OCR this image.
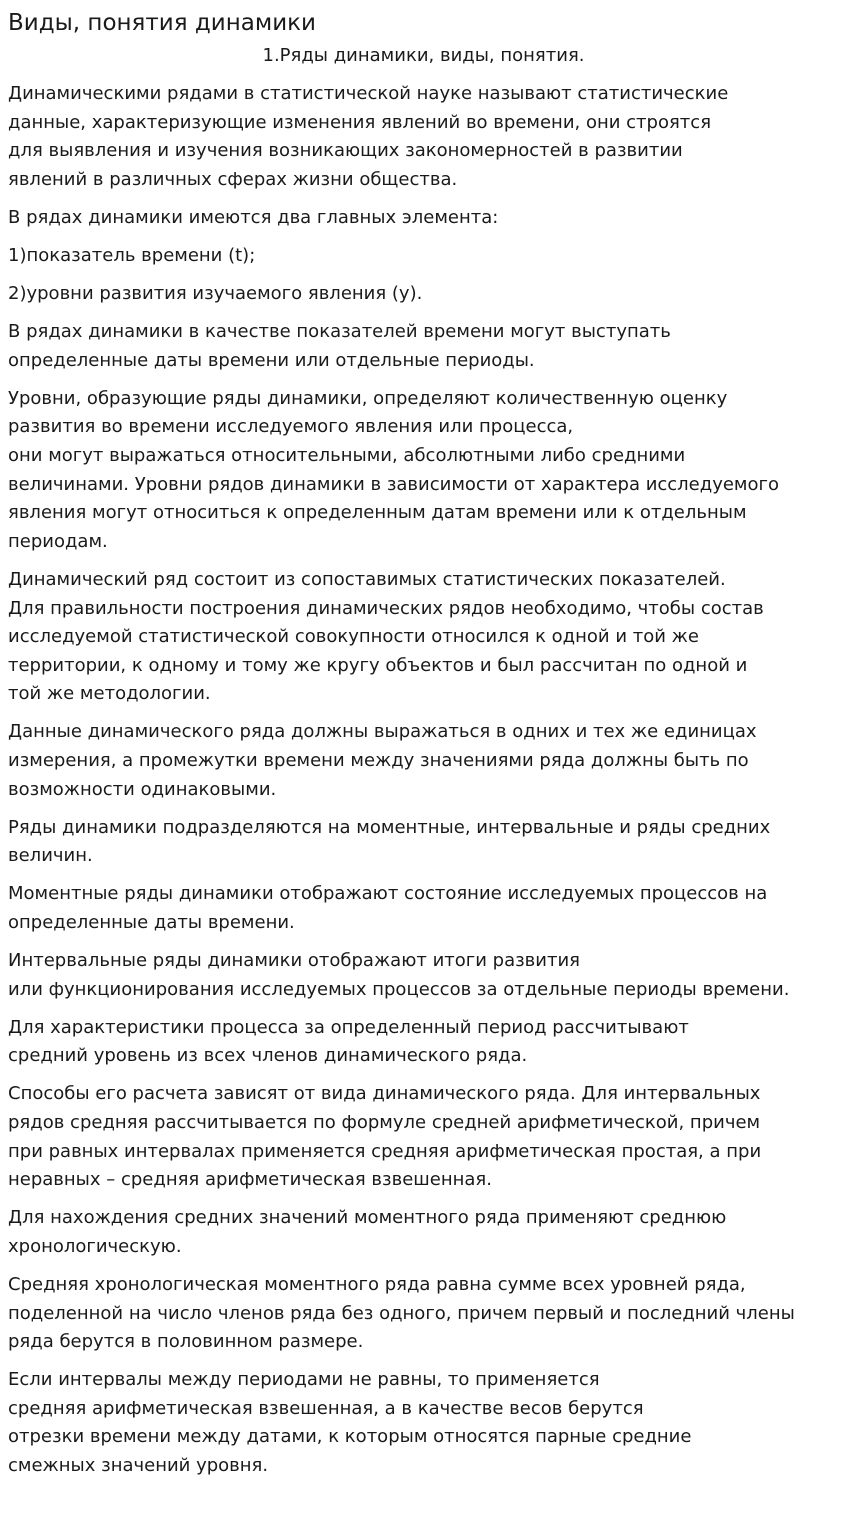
Виды, понятия динамики
1.Ряды динамики, виды, понятия.

Динамическими рядами в статистической науке называют статистические
данные, характеризующие изменения явлений во времени, они строятся
для выявления и изучения возникающих закономерностей в развитии
явлений в различных сферах жизни общества.

В рядах динамики имеются два главных элемента:

1)показатель времени (t);

2)уровни развития изучаемого явления (y).

В рядах динамики в качестве показателей времени могут выступать
определенные даты времени или отдельные периоды.

Уровни, образующие ряды динамики, определяют количественную оценку
развития во времени исследуемого явления или процесса,
они могут выражаться относительными, абсолютными либо средними
величинами. Уровни рядов динамики в зависимости от характера исследуемого
явления могут относиться к определенным датам времени или к отдельным
периодам.

Динамический ряд состоит из сопоставимых статистических показателей.
Для правильности построения динамических рядов необходимо, чтобы состав
исследуемой статистической совокупности относился к одной и той же
территории, к одному и тому же кругу объектов и был рассчитан по одной и
той же методологии.

Данные динамического ряда должны выражаться в одних и тех же единицах
измерения, а промежутки времени между значениями ряда должны быть по
возможности одинаковыми.

Ряды динамики подразделяются на моментные, интервальные и ряды средних
величин.

Моментные ряды динамики отображают состояние исследуемых процессов на
определенные даты времени.

Интервальные ряды динамики отображают итоги развития
или функционирования исследуемых процессов за отдельные периоды времени.

Для характеристики процесса за определенный период рассчитывают
средний уровень из всех членов динамического ряда.

Способы его расчета зависят от вида динамического ряда. Для интервальных
рядов средняя рассчитывается по формуле средней арифметической, причем
при равных интервалах применяется средняя арифметическая простая, а при
неравных – средняя арифметическая взвешенная.

Для нахождения средних значений моментного ряда применяют среднюю
хронологическую.

Средняя хронологическая моментного ряда равна сумме всех уровней ряда,
поделенной на число членов ряда без одного, причем первый и последний члены
ряда берутся в половинном размере.

Если интервалы между периодами не равны, то применяется
средняя арифметическая взвешенная, а в качестве весов берутся
отрезки времени между датами, к которым относятся парные средние
смежных значений уровня.
